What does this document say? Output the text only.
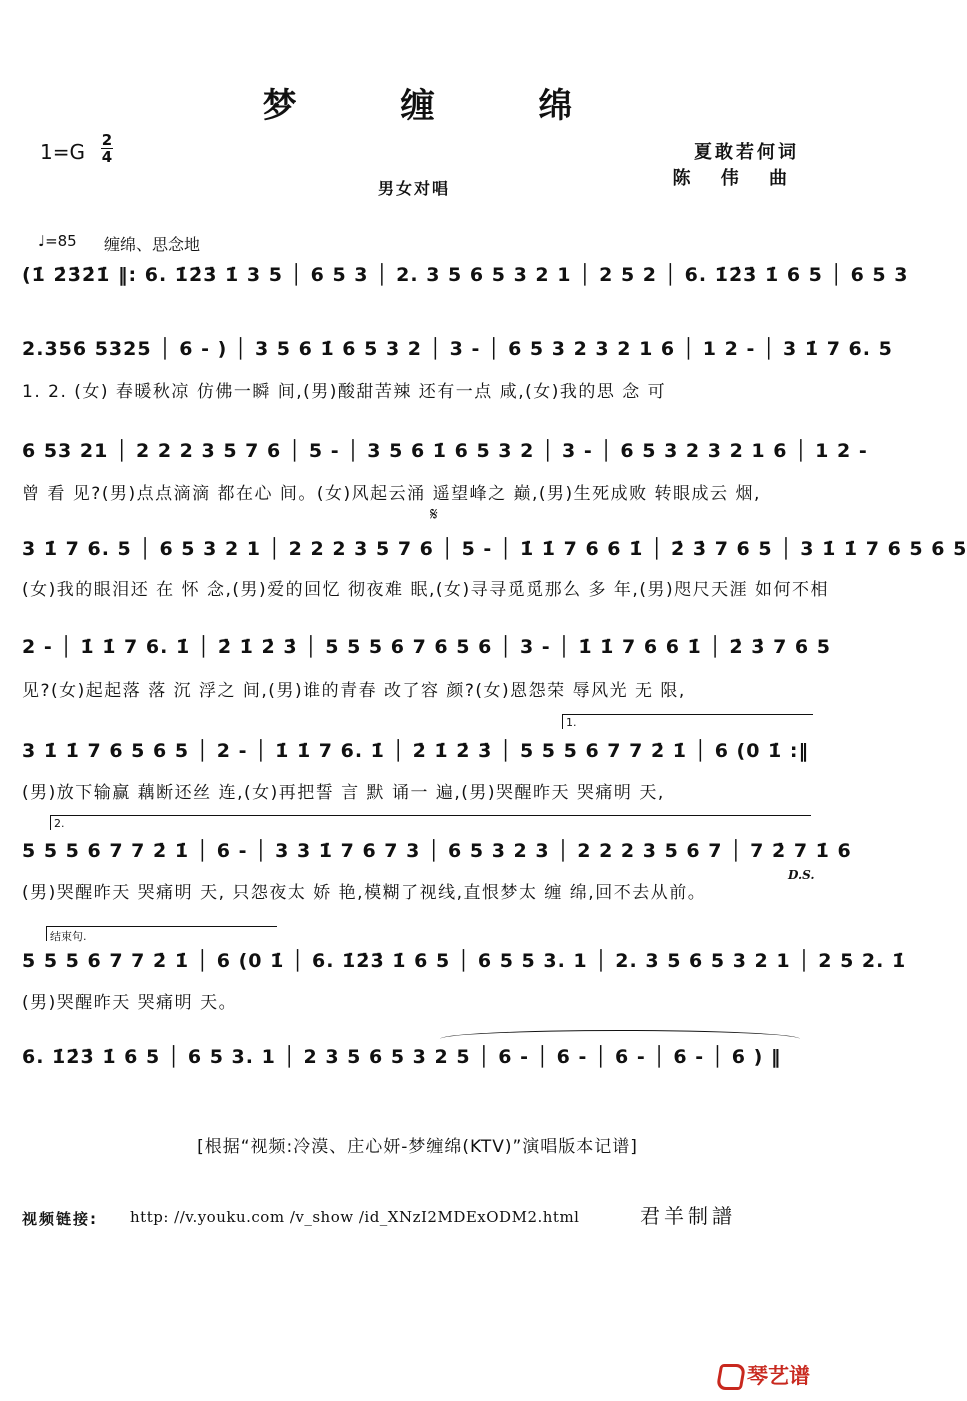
梦 缠 绵
1=G 2
4	夏敢若何词
陈 伟 曲
男女对唱
♩=85 缠绵、思念地
(1̇ 2̇3̇2̇1̇ ‖: 6. 1̇2̇3̇ 1̇ 3 5 │ 6 5 3 │ 2. 3 5 6 5 3 2 1 │ 2 5 2 │ 6. 1̇2̇3̇ 1̇ 6 5 │ 6 5 3
2.356 5325 │ 6 - ) │ 3 5 6 1̇ 6 5 3 2 │ 3 - │ 6 5 3 2 3 2 1 6 │ 1 2 - │ 3 1̇ 7 6. 5
1. 2. (女) 春暖秋凉 仿佛一瞬 间,(男)酸甜苦辣 还有一点 咸,(女)我的思 念 可
6 53 21 │ 2 2 2 3 5 7 6 │ 5 - │ 3 5 6 1̇ 6 5 3 2 │ 3 - │ 6 5 3 2 3 2 1 6 │ 1 2 -
曾 看 见?(男)点点滴滴 都在心 间。(女)风起云涌 遥望峰之 巅,(男)生死成败 转眼成云 烟,
𝄋
3 1̇ 7 6. 5 │ 6 5 3 2 1 │ 2 2 2 3 5 7 6 │ 5 - │ 1̇ 1̇ 7 6 6 1̇ │ 2̇ 3̇ 7 6 5 │ 3 1̇ 1̇ 7 6 5 6 5
(女)我的眼泪还 在 怀 念,(男)爱的回忆 彻夜难 眠,(女)寻寻觅觅那么 多 年,(男)咫尺天涯 如何不相
2 - │ 1̇ 1̇ 7 6. 1̇ │ 2̇ 1̇ 2̇ 3̇ │ 5 5 5 6 7 6 5 6 │ 3 - │ 1̇ 1̇ 7 6 6 1̇ │ 2̇ 3̇ 7 6 5
见?(女)起起落 落 沉 浮之 间,(男)谁的青春 改了容 颜?(女)恩怨荣 辱风光 无 限,
1.
3 1̇ 1̇ 7 6 5 6 5 │ 2 - │ 1̇ 1̇ 7 6. 1̇ │ 2̇ 1̇ 2̇ 3̇ │ 5 5 5 6 7 7 2̇ 1̇ │ 6 (0 1̇ :‖
(男)放下输赢 藕断还丝 连,(女)再把誓 言 默 诵一 遍,(男)哭醒昨天 哭痛明 天,
2.
5 5 5 6 7 7 2̇ 1̇ │ 6 - │ 3 3 1̇ 7 6 7 3 │ 6 5 3 2 3 │ 2 2 2 3 5 6 7 │ 7 2̇ 7 1̇ 6
D.S.
(男)哭醒昨天 哭痛明 天, 只怨夜太 娇 艳,模糊了视线,直恨梦太 缠 绵,回不去从前。
结束句.
5 5 5 6 7 7 2̇ 1̇ │ 6 (0 1̇ │ 6. 1̇2̇3̇ 1̇ 6 5 │ 6 5 5 3. 1 │ 2. 3 5 6 5 3 2 1 │ 2 5 2. 1̇
(男)哭醒昨天 哭痛明 天。
6. 1̇2̇3̇ 1̇ 6 5 │ 6 5 3. 1 │ 2 3 5 6 5 3 2 5 │ 6 - │ 6 - │ 6 - │ 6 - │ 6 ) ‖
[根据“视频:冷漠、庄心妍-梦缠绵(KTV)”演唱版本记谱]
视频链接: http: //v.youku.com /v_show /id_XNzI2MDExODM2.html	君羊制譜
琴艺谱
